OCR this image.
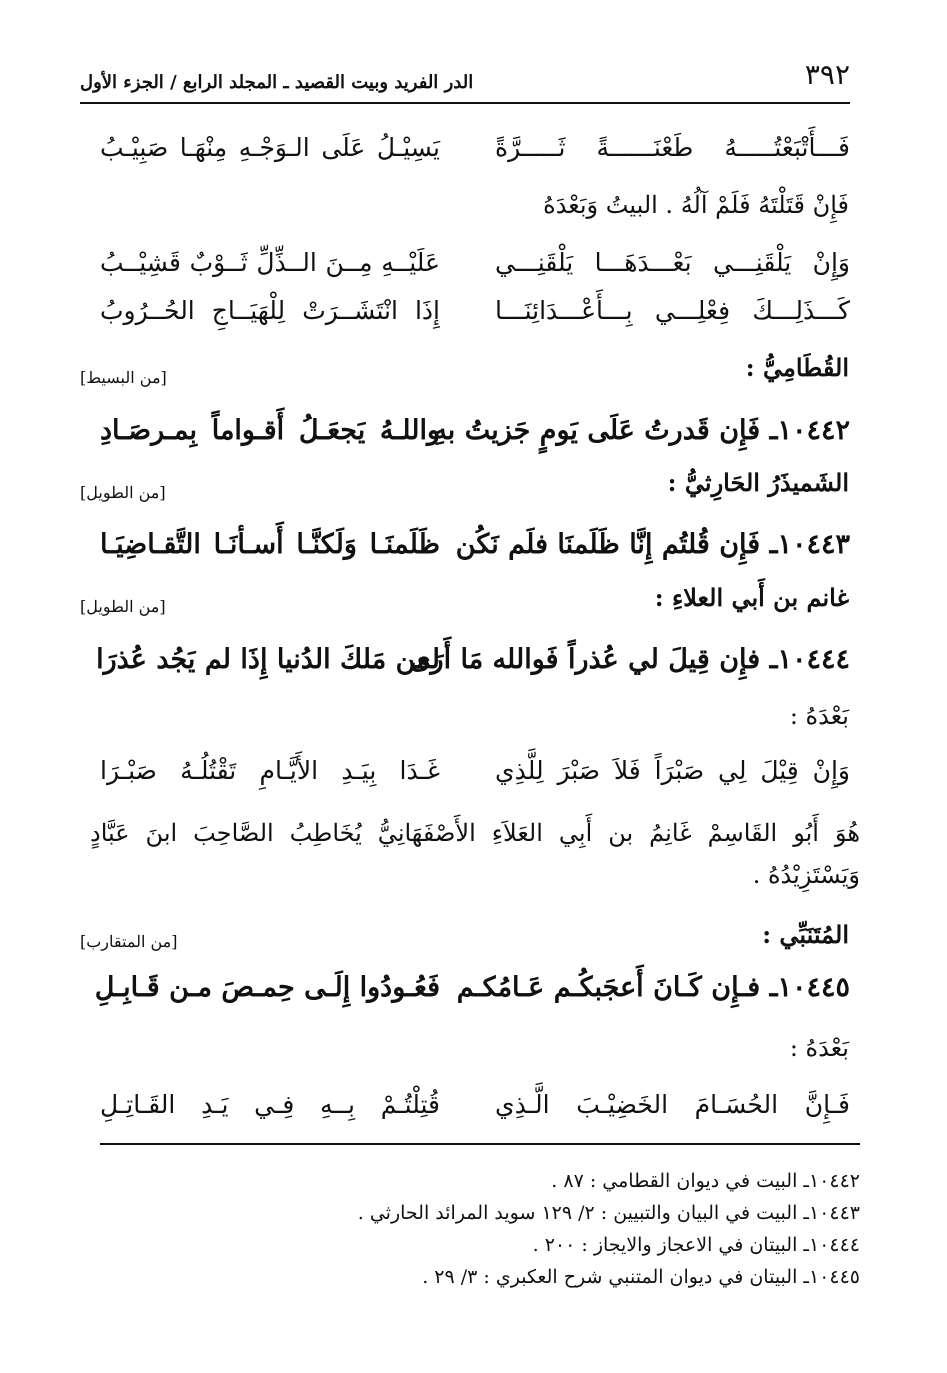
٣٩٢
الدر الفريد وبيت القصيد ـ المجلد الرابع / الجزء الأول
فَـــأَتْبَعْتُـــــهُ طَعْنَــــــةً ثَـــــرَّةً
يَسِيْـلُ عَلَى الـوَجْـهِ مِنْهَـا صَبِيْـبُ
فَإِنْ قَتَلْتَهُ فَلَمْ آلُهُ . البيتُ وَبَعْدَهُ
وَإِنْ يَلْقَنِـــي بَعْـــدَهَـــا يَلْقَنِـــي
عَلَيْــهِ مِــنَ الــذِّلِّ ثَــوْبٌ قَشِيْــبُ
كَـــذَلِـــكَ فِعْلِـــي بِـــأَعْـــدَائِنَـــا
إِذَا انْتَشَــرَتْ لِلْهَيَــاجِ الحُــرُوبُ
القُطَامِيُّ :
[من البسيط]
١٠٤٤٢ـ فَإِن قَدرتُ عَلَى يَومٍ جَزيتُ بهِ
واللـهُ يَجعَـلُ أَقـواماً بِمـرصَـادِ
الشَميذَرُ الحَارِثيُّ :
[من الطويل]
١٠٤٤٣ـ فَإِن قُلتُم إِنَّا ظَلَمنَا فلَم نَكُن
ظَلَمنَـا وَلَكنَّـا أَسـأنَـا التَّقـاضِيَـا
غانم بن أَبي العلاءِ :
[من الطويل]
١٠٤٤٤ـ فإِن قِيلَ لي عُذراً فَوالله مَا أَرَى
لمن مَلكَ الدُنيا إِذَا لم يَجُد عُذرَا
بَعْدَهُ :
وَإِنْ قِيْلَ لِي صَبْرَاً فَلاَ صَبْرَ لِلَّذِي
غَـدَا بِيَـدِ الأَيَّـامِ تَقْتُلُـهُ صَبْـرَا
هُوَ أَبُو القَاسِمْ غَانِمُ بن أَبِي العَلاَءِ الأَصْفَهَانِيُّ يُخَاطِبُ الصَّاحِبَ ابنَ عَبَّادٍ
وَيَسْتَزِيْدُهُ .
المُتَنَبِّي :
[من المتقارب]
١٠٤٤٥ـ فـإِن كَـانَ أَعجَبكُـم عَـامُكـم
فَعُـودُوا إِلَـى حِمـصَ مـن قَـابِـلِ
بَعْدَهُ :
فَـإِنَّ الحُسَـامَ الخَضِيْـبَ الَّـذِي
قُتِلْتُـمْ بِــهِ فِـي يَـدِ القَـاتِـلِ
١٠٤٤٢ـ البيت في ديوان القطامي : ٨٧ .
١٠٤٤٣ـ البيت في البيان والتبيين : ٢/ ١٢٩ سويد المرائد الحارثي .
١٠٤٤٤ـ البيتان في الاعجاز والايجاز : ٢٠٠ .
١٠٤٤٥ـ البيتان في ديوان المتنبي شرح العكبري : ٣/ ٢٩ .
